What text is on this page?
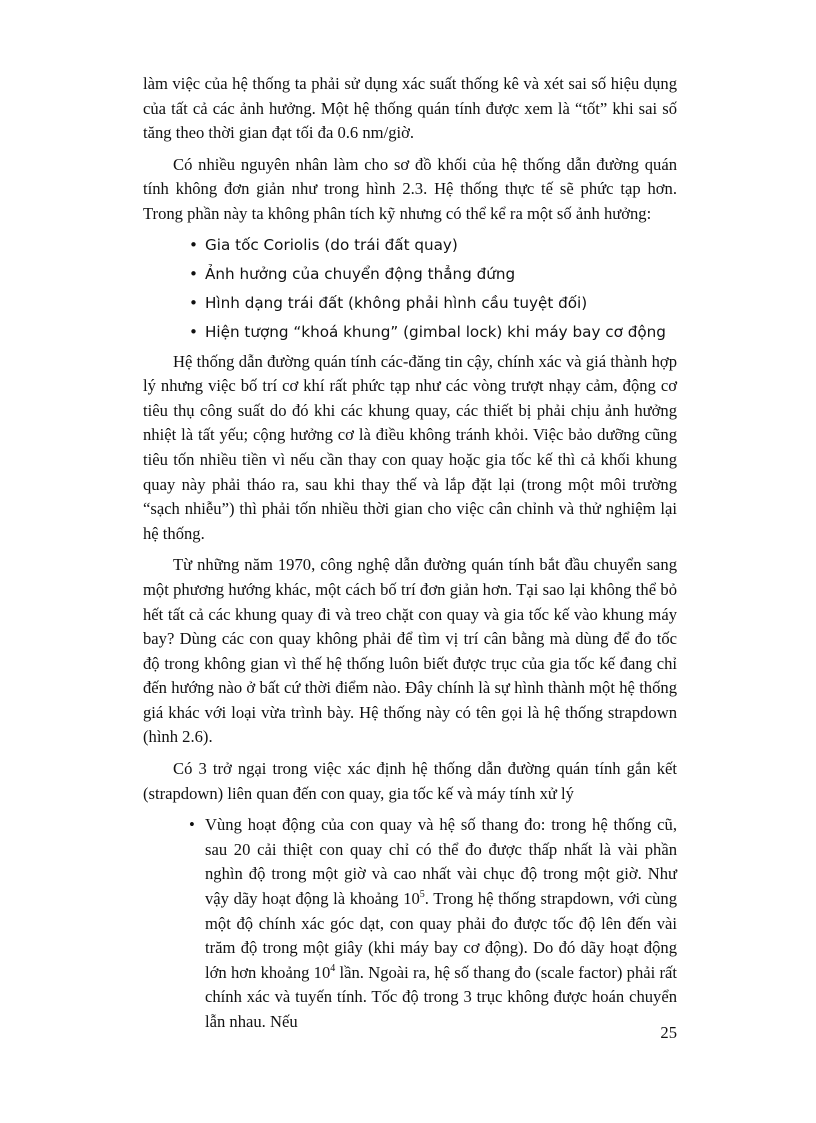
làm việc của hệ thống ta phải sử dụng xác suất thống kê và xét sai số hiệu dụng của tất cả các ảnh hưởng. Một hệ thống quán tính được xem là “tốt” khi sai số tăng theo thời gian đạt tối đa 0.6 nm/giờ.

Có nhiều nguyên nhân làm cho sơ đồ khối của hệ thống dẫn đường quán tính không đơn giản như trong hình 2.3. Hệ thống thực tế sẽ phức tạp hơn. Trong phần này ta không phân tích kỹ nhưng có thể kể ra một số ảnh hưởng:

• Gia tốc Coriolis (do trái đất quay)
• Ảnh hưởng của chuyển động thẳng đứng
• Hình dạng trái đất (không phải hình cầu tuyệt đối)
• Hiện tượng “khoá khung” (gimbal lock) khi máy bay cơ động

Hệ thống dẫn đường quán tính các-đăng tin cậy, chính xác và giá thành hợp lý nhưng việc bố trí cơ khí rất phức tạp như các vòng trượt nhạy cảm, động cơ tiêu thụ công suất do đó khi các khung quay, các thiết bị phải chịu ảnh hưởng nhiệt là tất yếu; cộng hưởng cơ là điều không tránh khỏi. Việc bảo dưỡng cũng tiêu tốn nhiều tiền vì nếu cần thay con quay hoặc gia tốc kế thì cả khối khung quay này phải tháo ra, sau khi thay thế và lắp đặt lại (trong một môi trường “sạch nhiễu”) thì phải tốn nhiều thời gian cho việc cân chỉnh và thử nghiệm lại hệ thống.

Từ những năm 1970, công nghệ dẫn đường quán tính bắt đầu chuyển sang một phương hướng khác, một cách bố trí đơn giản hơn. Tại sao lại không thể bỏ hết tất cả các khung quay đi và treo chặt con quay và gia tốc kế vào khung máy bay? Dùng các con quay không phải để tìm vị trí cân bằng mà dùng để đo tốc độ trong không gian vì thế hệ thống luôn biết được trục của gia tốc kế đang chỉ đến hướng nào ở bất cứ thời điểm nào. Đây chính là sự hình thành một hệ thống giá khác với loại vừa trình bày. Hệ thống này có tên gọi là hệ thống strapdown (hình 2.6).

Có 3 trở ngại trong việc xác định hệ thống dẫn đường quán tính gắn kết (strapdown) liên quan đến con quay, gia tốc kế và máy tính xử lý

• Vùng hoạt động của con quay và hệ số thang đo: trong hệ thống cũ, sau 20 cải thiệt con quay chỉ có thể đo được thấp nhất là vài phần nghìn độ trong một giờ và cao nhất vài chục độ trong một giờ. Như vậy dãy hoạt động là khoảng $10^5$. Trong hệ thống strapdown, với cùng một độ chính xác góc dạt, con quay phải đo được tốc độ lên đến vài trăm độ trong một giây (khi máy bay cơ động). Do đó dãy hoạt động lớn hơn khoảng $10^4$ lần. Ngoài ra, hệ số thang đo (scale factor) phải rất chính xác và tuyến tính. Tốc độ trong 3 trục không được hoán chuyển lẫn nhau. Nếu
25
